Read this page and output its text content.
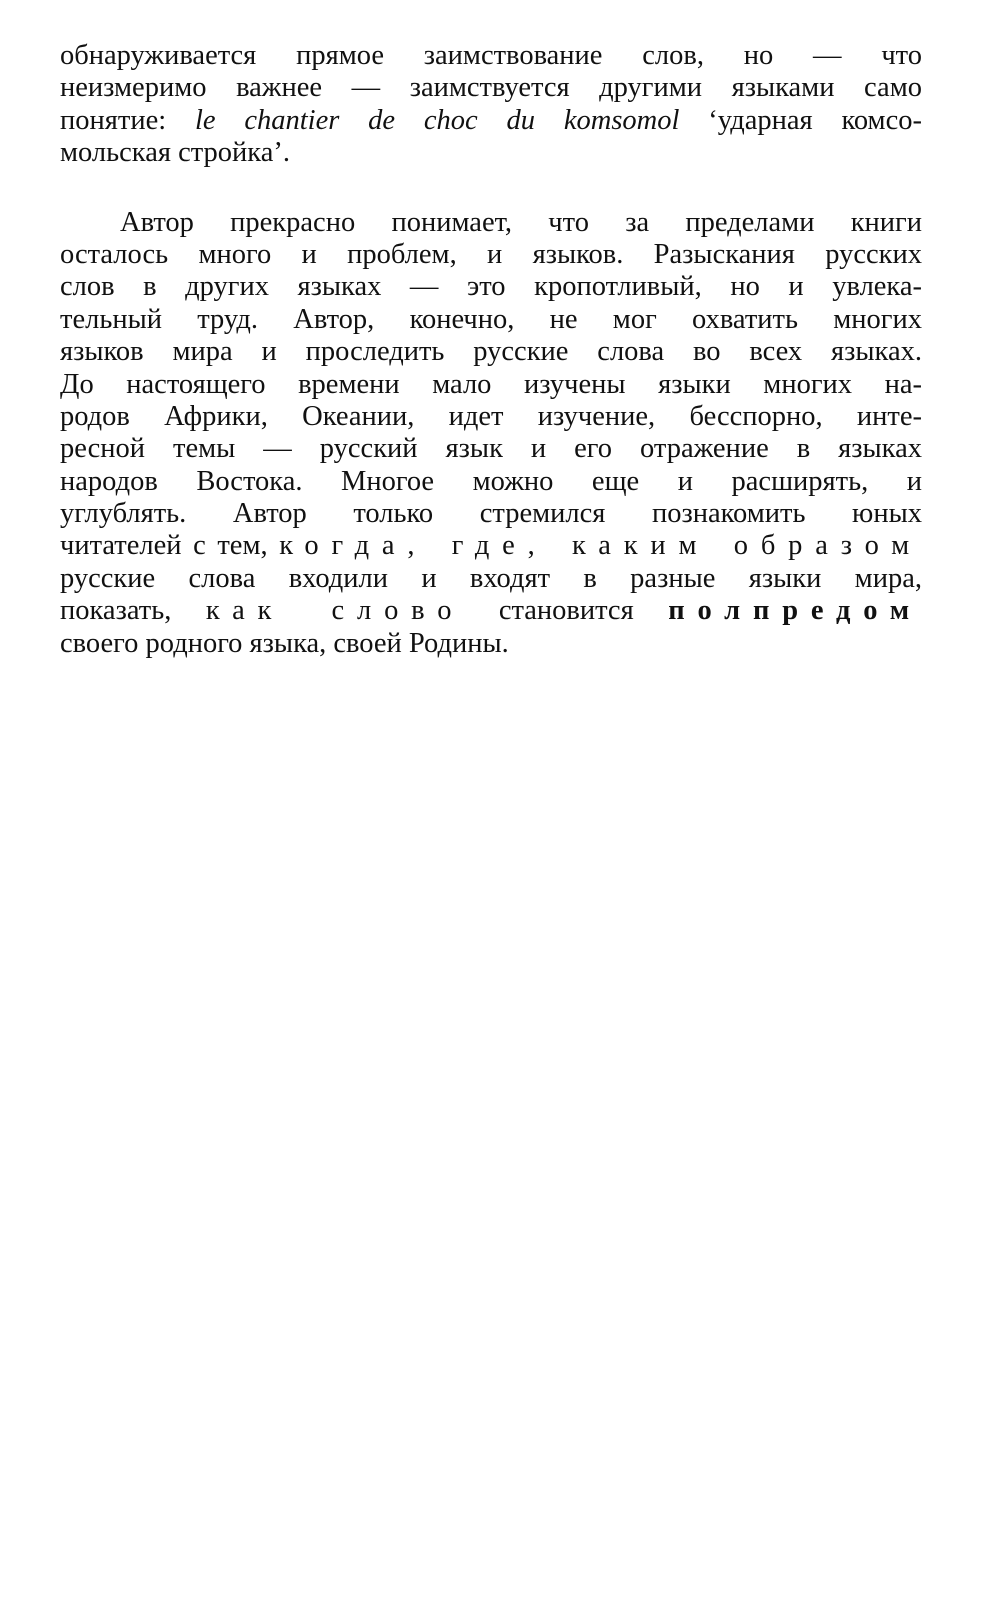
обнаруживается прямое заимствование слов, но — что
неизмеримо важнее — заимствуется другими языками само
понятие: le chantier de choc du komsomol ‘ударная комсо-
мольская стройка’.
Автор прекрасно понимает, что за пределами книги
осталось много и проблем, и языков. Разыскания русских
слов в других языках — это кропотливый, но и увлека-
тельный труд. Автор, конечно, не мог охватить многих
языков мира и проследить русские слова во всех языках.
До настоящего времени мало изучены языки многих на-
родов Африки, Океании, идет изучение, бесспорно, инте-
ресной темы — русский язык и его отражение в языках
народов Востока. Многое можно еще и расширять, и
углублять. Автор только стремился познакомить юных
читателей с тем, когда, где, каким образом
русские слова входили и входят в разные языки мира,
показать, как слово становится полпредом
своего родного языка, своей Родины.
